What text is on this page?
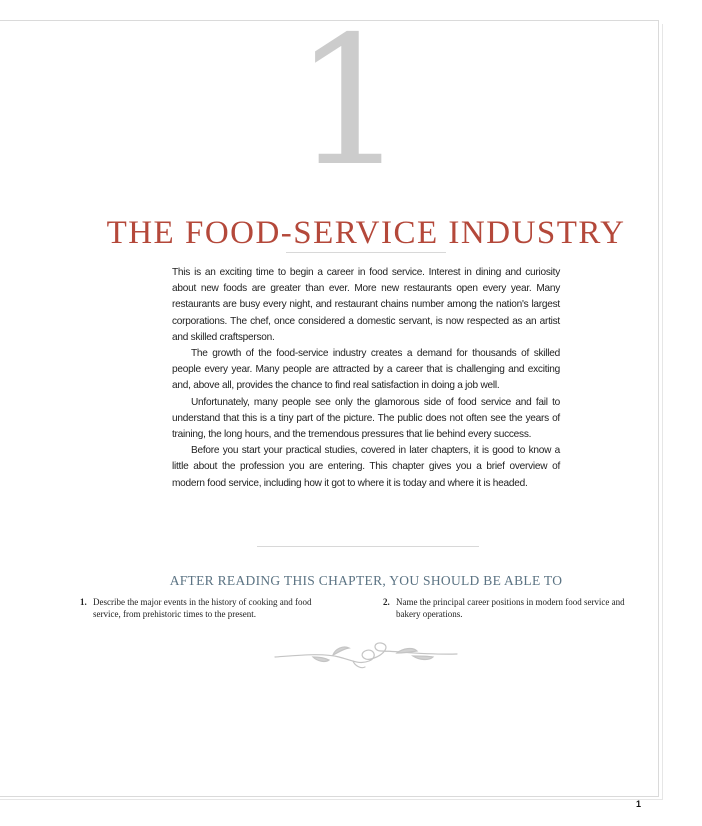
1
THE FOOD-SERVICE INDUSTRY

This is an exciting time to begin a career in food service. Interest in dining and curiosity about new foods are greater than ever. More new restaurants open every year. Many restaurants are busy every night, and restaurant chains number among the nation's largest corporations. The chef, once considered a domestic servant, is now respected as an artist and skilled craftsperson.

The growth of the food-service industry creates a demand for thousands of skilled people every year. Many people are attracted by a career that is challenging and exciting and, above all, provides the chance to find real satisfaction in doing a job well.

Unfortunately, many people see only the glamorous side of food service and fail to understand that this is a tiny part of the picture. The public does not often see the years of training, the long hours, and the tremendous pressures that lie behind every success.

Before you start your practical studies, covered in later chapters, it is good to know a little about the profession you are entering. This chapter gives you a brief overview of modern food service, including how it got to where it is today and where it is headed.

AFTER READING THIS CHAPTER, YOU SHOULD BE ABLE TO
1. Describe the major events in the history of cooking and food service, from prehistoric times to the present.
2. Name the principal career positions in modern food service and bakery operations.
1
